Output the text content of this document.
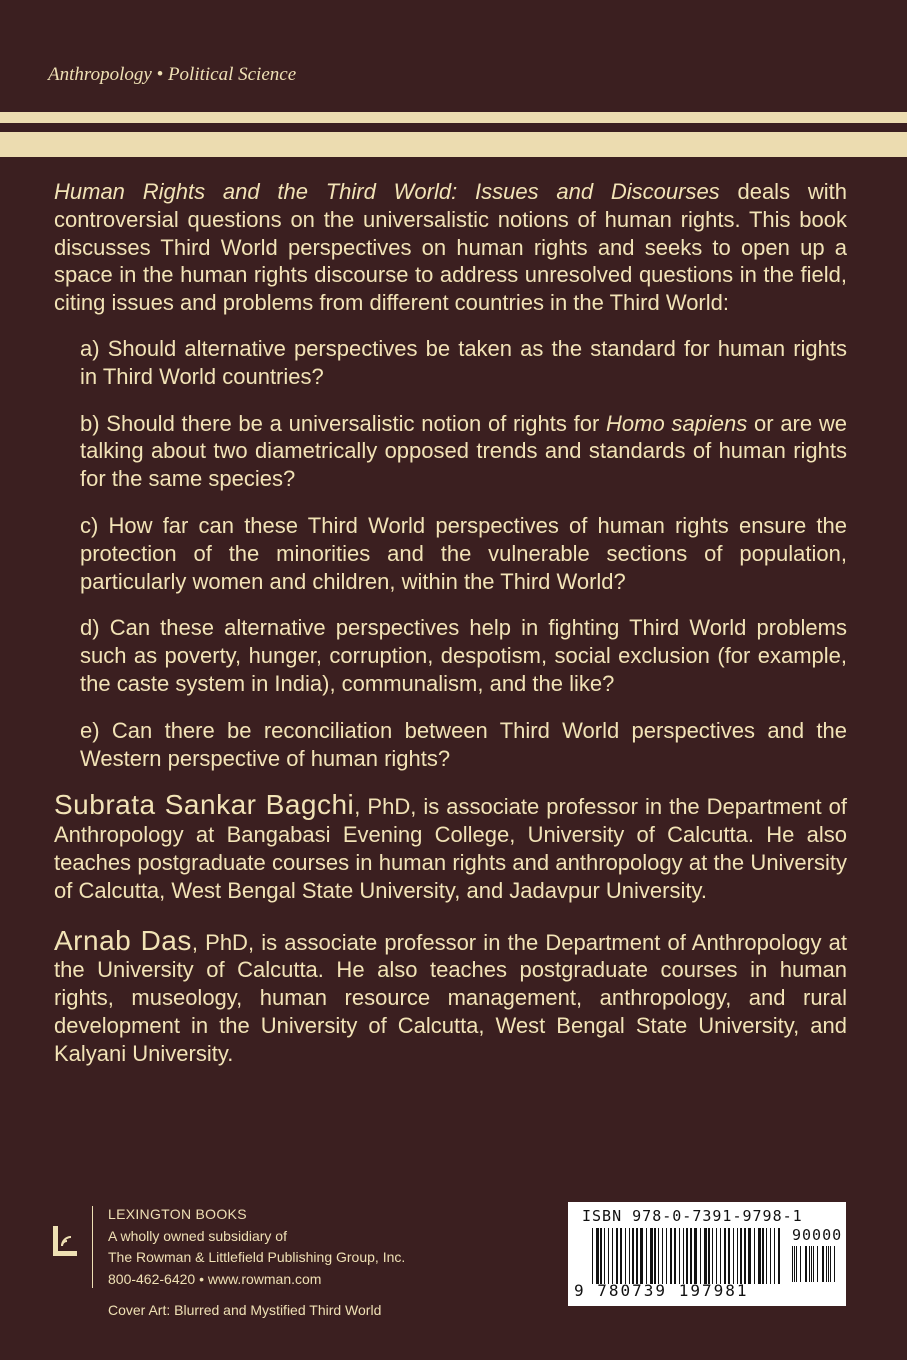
Anthropology • Political Science

Human Rights and the Third World: Issues and Discourses deals with controversial questions on the universalistic notions of human rights. This book discusses Third World perspectives on human rights and seeks to open up a space in the human rights discourse to address unresolved questions in the field, citing issues and problems from different countries in the Third World:

a) Should alternative perspectives be taken as the standard for human rights in Third World countries?
b) Should there be a universalistic notion of rights for Homo sapiens or are we talking about two diametrically opposed trends and standards of human rights for the same species?
c) How far can these Third World perspectives of human rights ensure the protection of the minorities and the vulnerable sections of population, particularly women and children, within the Third World?
d) Can these alternative perspectives help in fighting Third World problems such as poverty, hunger, corruption, despotism, social exclusion (for example, the caste system in India), communalism, and the like?
e) Can there be reconciliation between Third World perspectives and the Western perspective of human rights?

Subrata Sankar Bagchi, PhD, is associate professor in the Department of Anthropology at Bangabasi Evening College, University of Calcutta. He also teaches postgraduate courses in human rights and anthropology at the University of Calcutta, West Bengal State University, and Jadavpur University.

Arnab Das, PhD, is associate professor in the Department of Anthropology at the University of Calcutta. He also teaches postgraduate courses in human rights, museology, human resource management, anthropology, and rural development in the University of Calcutta, West Bengal State University, and Kalyani University.

LEXINGTON BOOKS
A wholly owned subsidiary of
The Rowman & Littlefield Publishing Group, Inc.
800-462-6420 • www.rowman.com
Cover Art: Blurred and Mystified Third World
ISBN 978-0-7391-9798-1
90000
9 780739 197981
